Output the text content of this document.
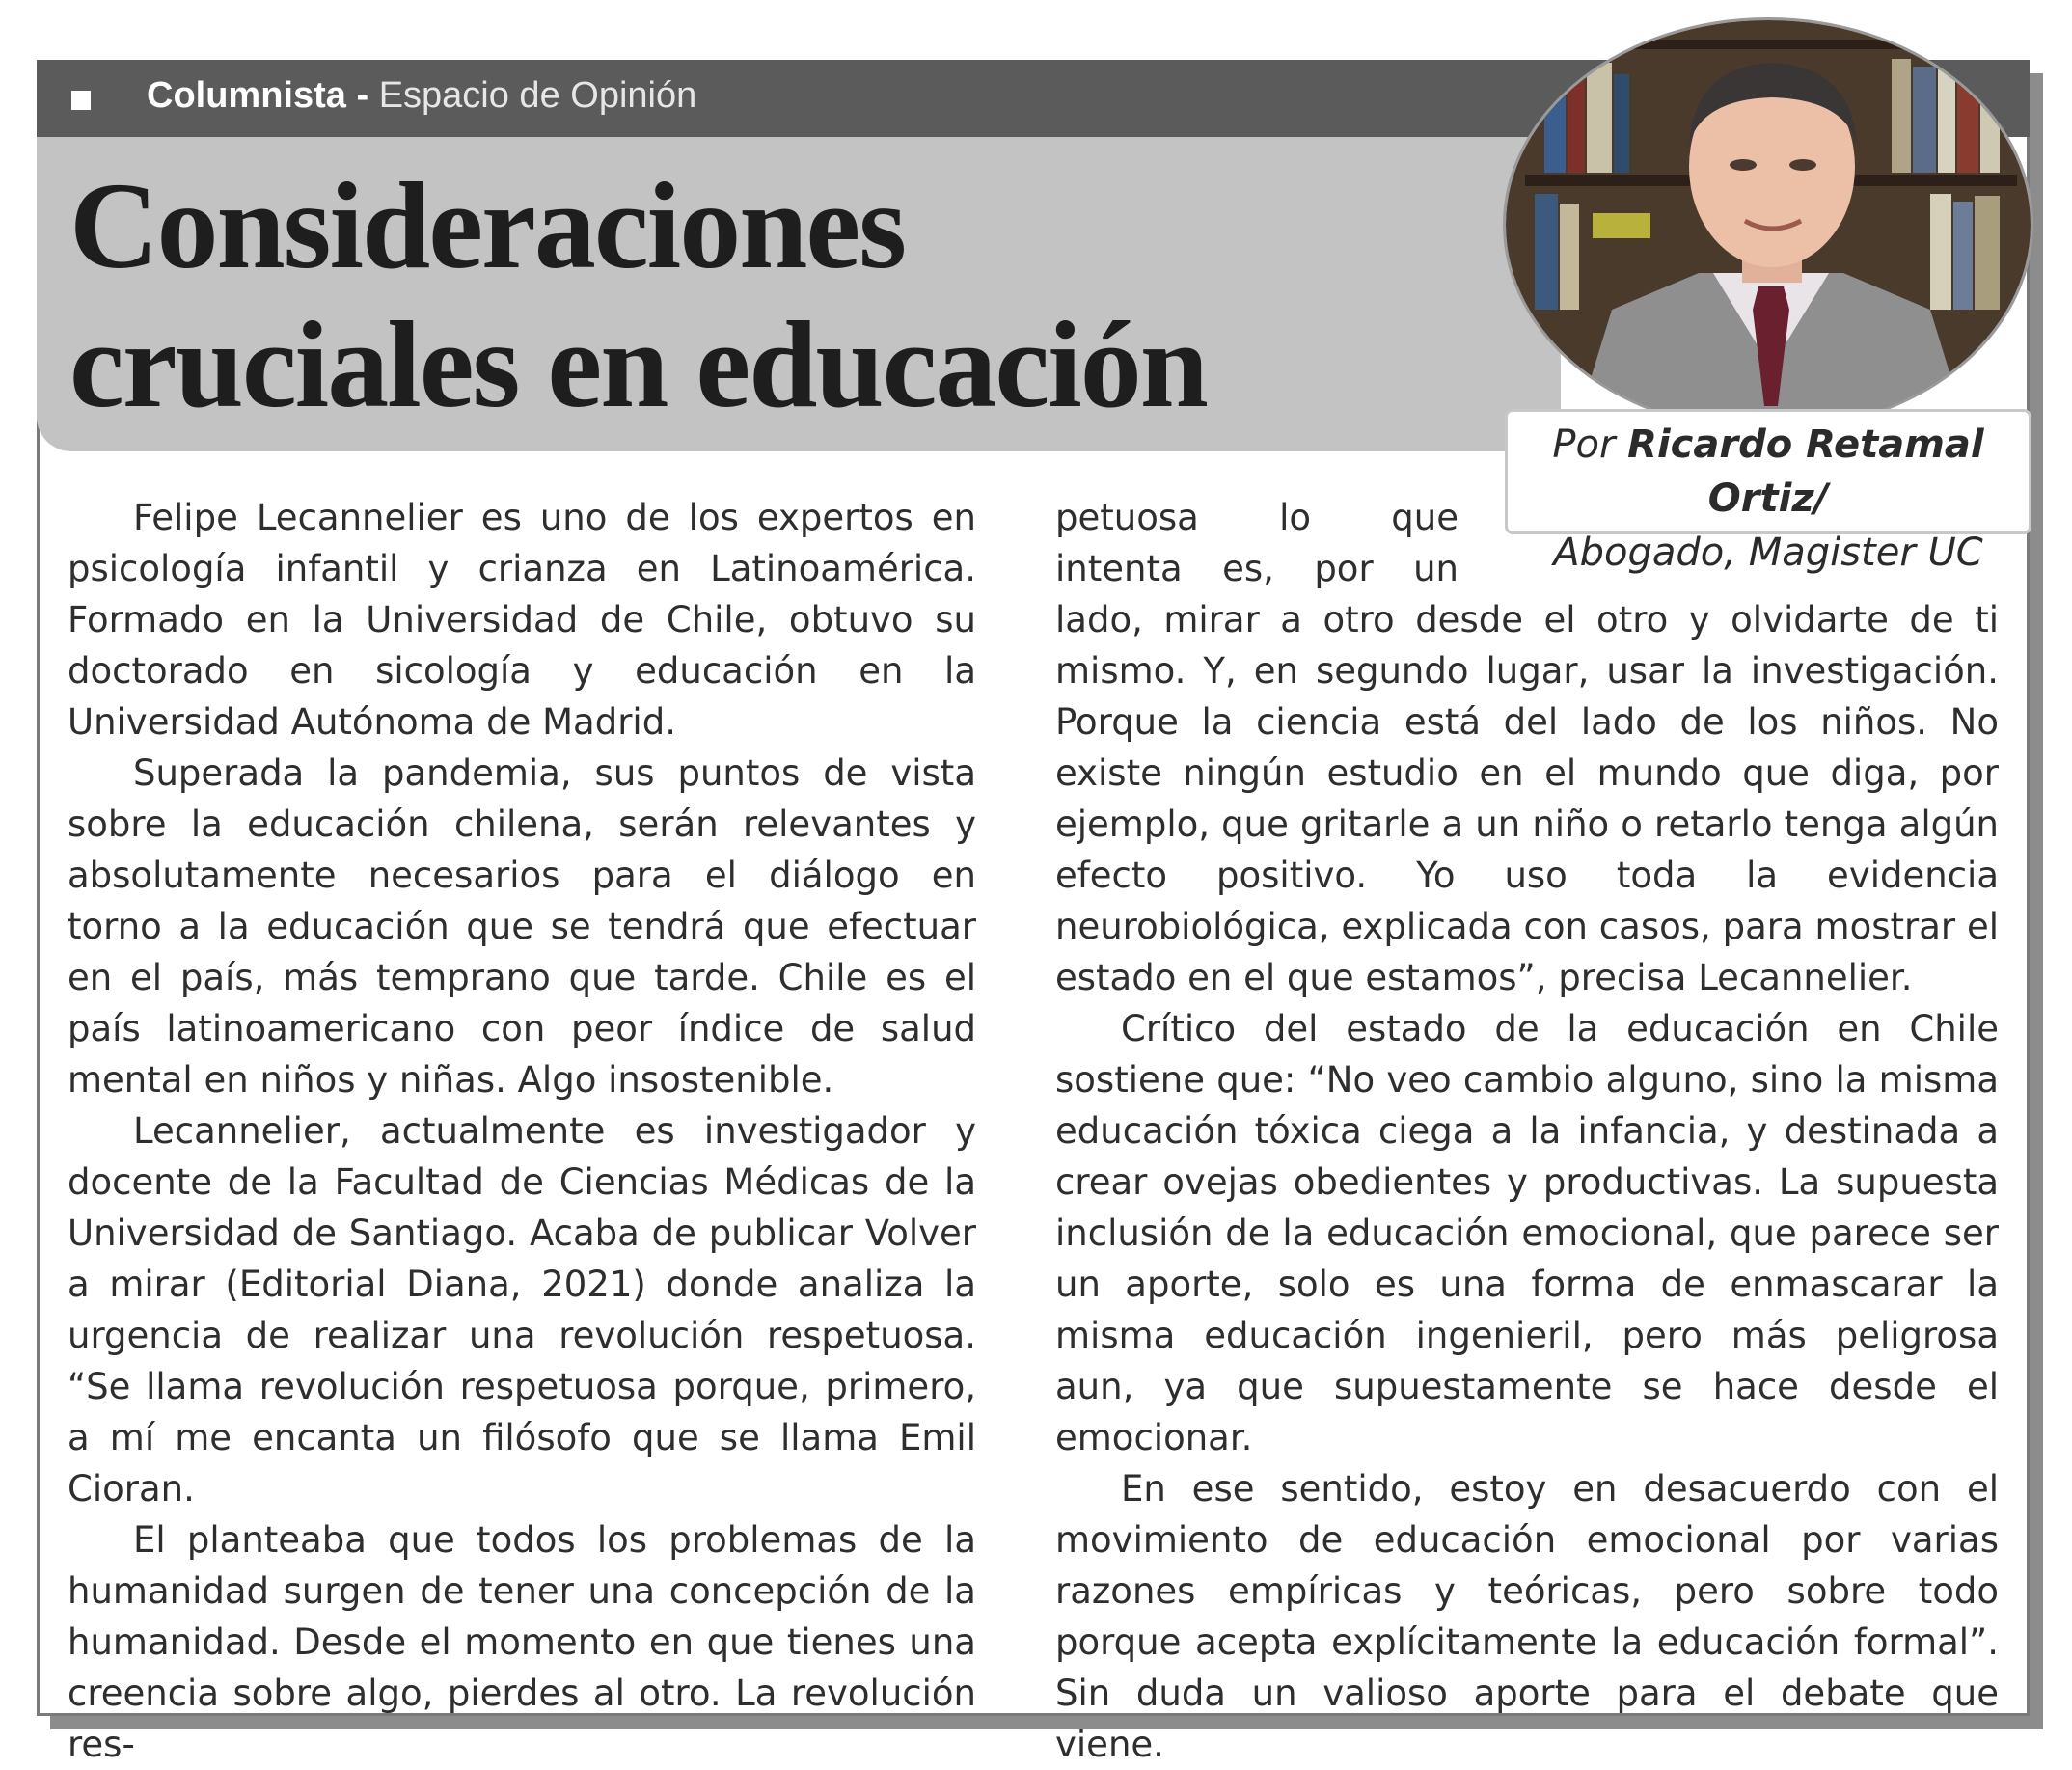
Columnista - Espacio de Opinión
Consideraciones
cruciales en educación
Por Ricardo Retamal Ortiz/
Abogado, Magister UC

Felipe Lecannelier es uno de los expertos en psicología infantil y crianza en Latinoamérica. Formado en la Universidad de Chile, obtuvo su doctorado en sicología y educación en la Universidad Autónoma de Madrid.

Superada la pandemia, sus puntos de vista sobre la educación chilena, serán relevantes y absolutamente necesarios para el diálogo en torno a la educación que se tendrá que efectuar en el país, más temprano que tarde. Chile es el país latinoamericano con peor índice de salud mental en niños y niñas. Algo insostenible.

Lecannelier, actualmente es investigador y docente de la Facultad de Ciencias Médicas de la Universidad de Santiago. Acaba de publicar Volver a mirar (Editorial Diana, 2021) donde analiza la urgencia de realizar una revolución respetuosa. “Se llama revolución respetuosa porque, primero, a mí me encanta un filósofo que se llama Emil Cioran.

El planteaba que todos los problemas de la humanidad surgen de tener una concepción de la humanidad. Desde el momento en que tienes una creencia sobre algo, pierdes al otro. La revolución res-

petuosa lo que intenta es, por un lado, mirar a otro desde el otro y olvidarte de ti mismo. Y, en segundo lugar, usar la investigación. Porque la ciencia está del lado de los niños. No existe ningún estudio en el mundo que diga, por ejemplo, que gritarle a un niño o retarlo tenga algún efecto positivo. Yo uso toda la evidencia neurobiológica, explicada con casos, para mostrar el estado en el que estamos”, precisa Lecannelier.

Crítico del estado de la educación en Chile sostiene que: “No veo cambio alguno, sino la misma educación tóxica ciega a la infancia, y destinada a crear ovejas obedientes y productivas. La supuesta inclusión de la educación emocional, que parece ser un aporte, solo es una forma de enmascarar la misma educación ingenieril, pero más peligrosa aun, ya que supuestamente se hace desde el emocionar.

En ese sentido, estoy en desacuerdo con el movimiento de educación emocional por varias razones empíricas y teóricas, pero sobre todo porque acepta explícitamente la educación formal”. Sin duda un valioso aporte para el debate que viene.
